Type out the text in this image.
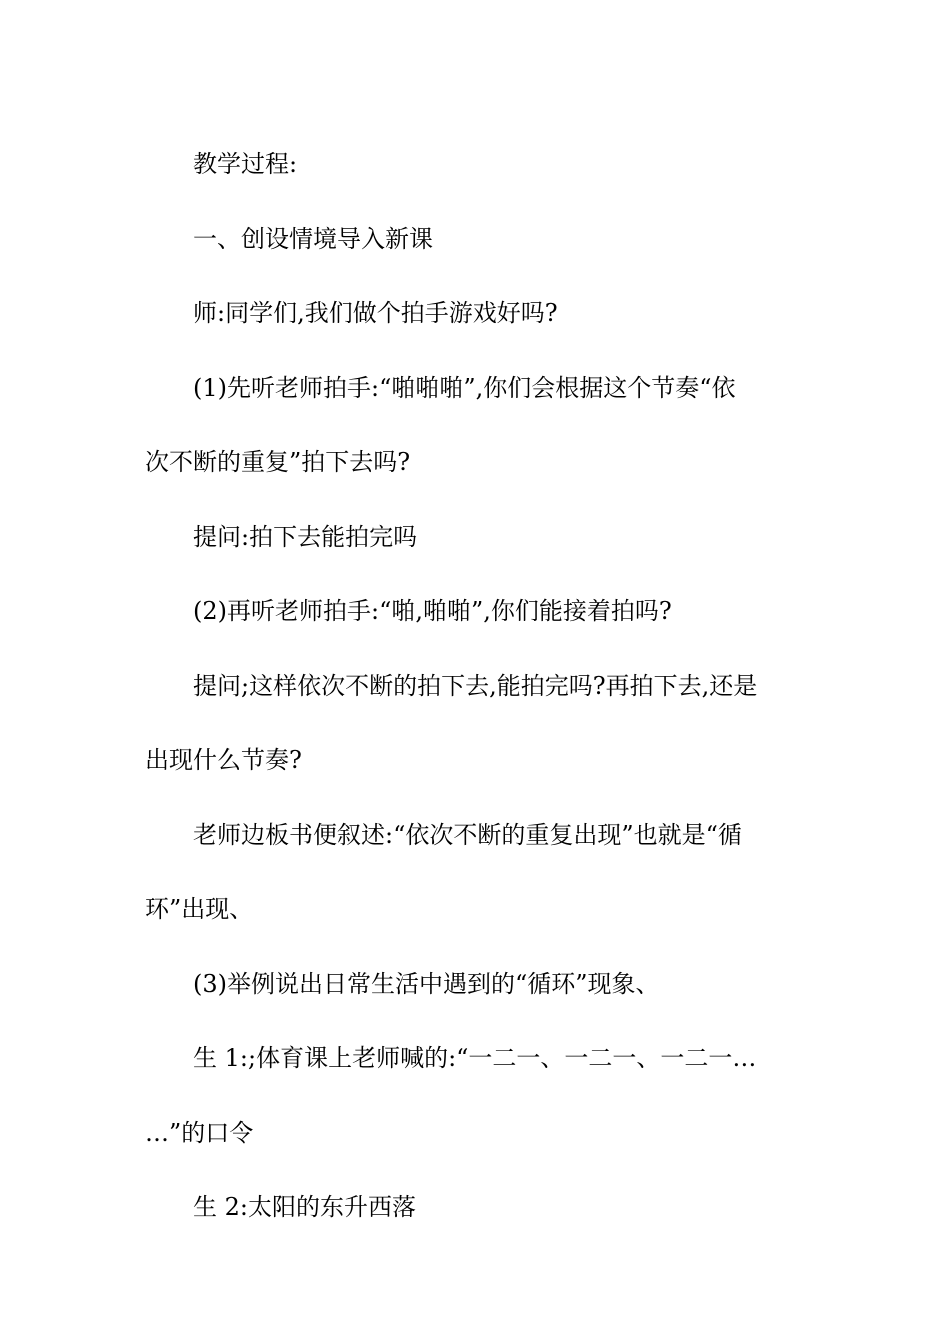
教学过程:

一、创设情境导入新课

师:同学们,我们做个拍手游戏好吗?

(1)先听老师拍手:“啪啪啪”,你们会根据这个节奏“依

次不断的重复”拍下去吗?

提问:拍下去能拍完吗

(2)再听老师拍手:“啪,啪啪”,你们能接着拍吗?

提问;这样依次不断的拍下去,能拍完吗?再拍下去,还是

出现什么节奏?

老师边板书便叙述:“依次不断的重复出现”也就是“循

环”出现、

(3)举例说出日常生活中遇到的“循环”现象、

生 1:;体育课上老师喊的:“一二一、一二一、一二一…

…”的口令

生 2:太阳的东升西落
